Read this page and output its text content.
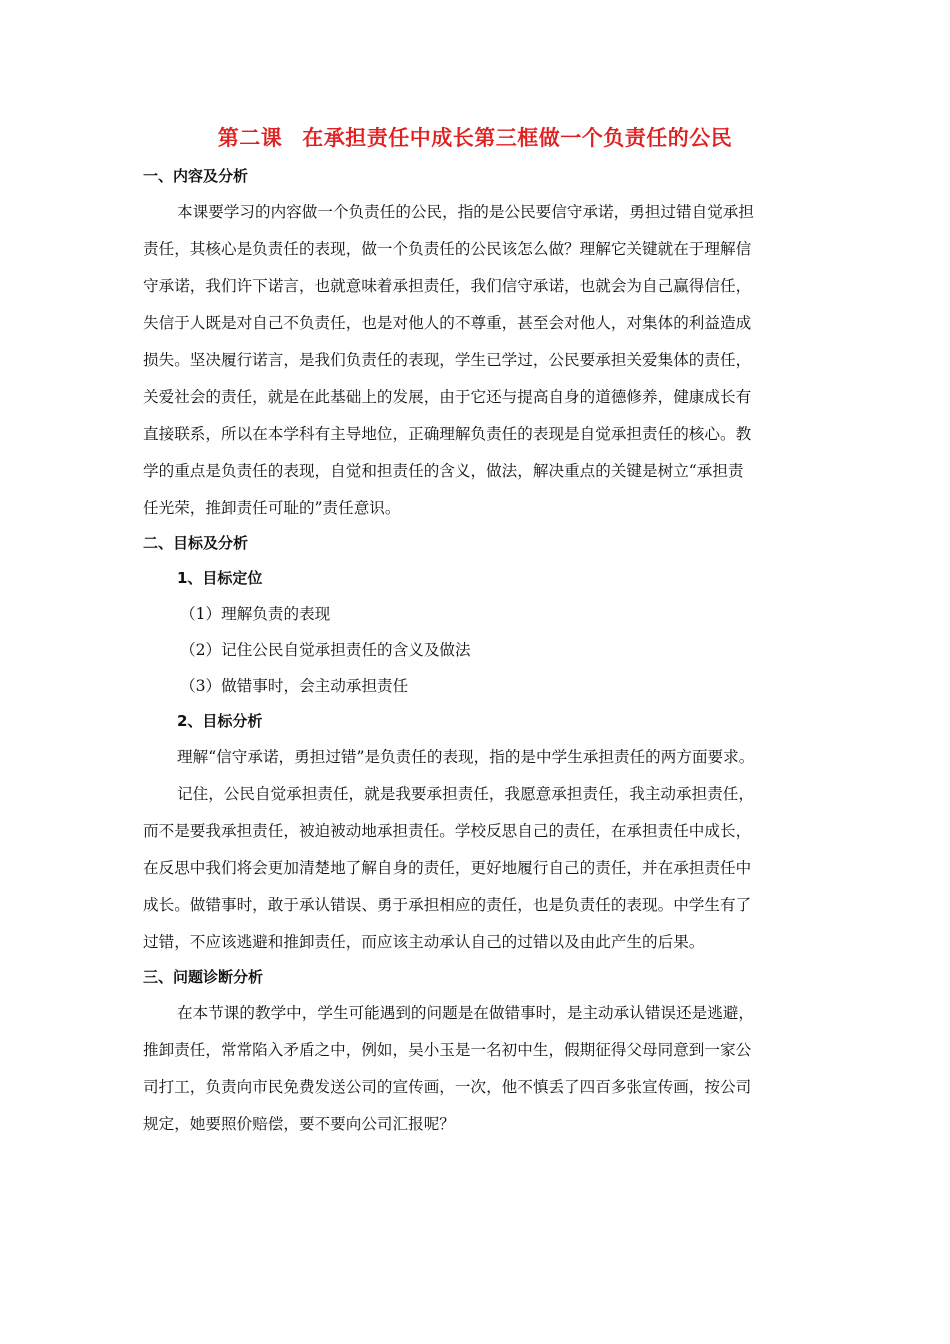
第二课 在承担责任中成长第三框做一个负责任的公民
一、内容及分析
本课要学习的内容做一个负责任的公民，指的是公民要信守承诺，勇担过错自觉承担
责任，其核心是负责任的表现，做一个负责任的公民该怎么做？理解它关键就在于理解信
守承诺，我们许下诺言，也就意味着承担责任，我们信守承诺，也就会为自己赢得信任，
失信于人既是对自己不负责任，也是对他人的不尊重，甚至会对他人，对集体的利益造成
损失。坚决履行诺言，是我们负责任的表现，学生已学过，公民要承担关爱集体的责任，
关爱社会的责任，就是在此基础上的发展，由于它还与提高自身的道德修养，健康成长有
直接联系，所以在本学科有主导地位，正确理解负责任的表现是自觉承担责任的核心。教
学的重点是负责任的表现，自觉和担责任的含义，做法，解决重点的关键是树立“承担责
任光荣，推卸责任可耻的”责任意识。
二、目标及分析
1、目标定位
（1）理解负责的表现
（2）记住公民自觉承担责任的含义及做法
（3）做错事时，会主动承担责任
2、目标分析
理解“信守承诺，勇担过错”是负责任的表现，指的是中学生承担责任的两方面要求。
记住，公民自觉承担责任，就是我要承担责任，我愿意承担责任，我主动承担责任，
而不是要我承担责任，被迫被动地承担责任。学校反思自己的责任，在承担责任中成长，
在反思中我们将会更加清楚地了解自身的责任，更好地履行自己的责任，并在承担责任中
成长。做错事时，敢于承认错误、勇于承担相应的责任，也是负责任的表现。中学生有了
过错，不应该逃避和推卸责任，而应该主动承认自己的过错以及由此产生的后果。
三、问题诊断分析
在本节课的教学中，学生可能遇到的问题是在做错事时，是主动承认错误还是逃避，
推卸责任，常常陷入矛盾之中，例如，吴小玉是一名初中生，假期征得父母同意到一家公
司打工，负责向市民免费发送公司的宣传画，一次，他不慎丢了四百多张宣传画，按公司
规定，她要照价赔偿，要不要向公司汇报呢？
